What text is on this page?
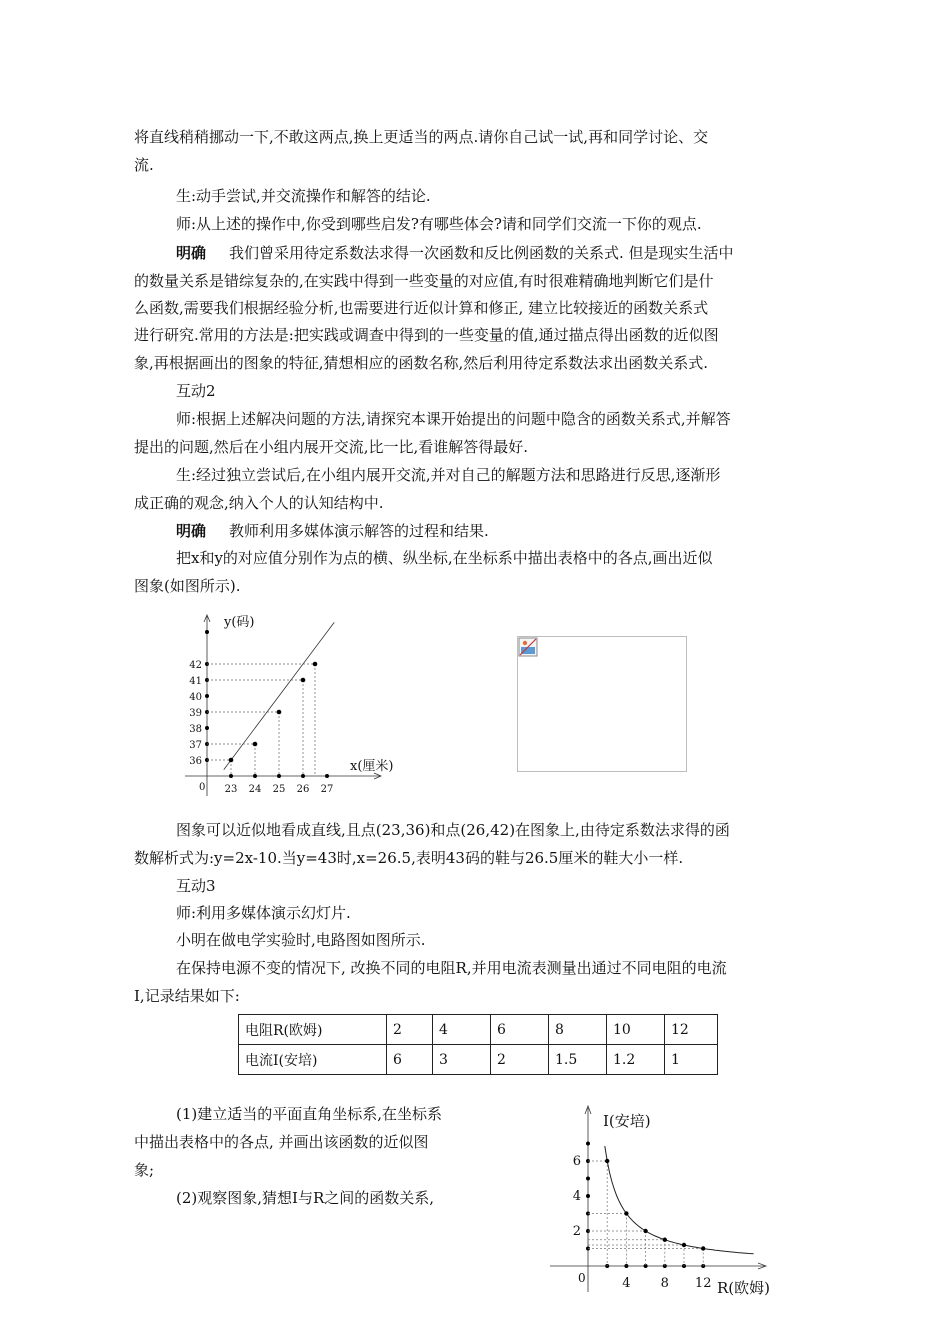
将直线稍稍挪动一下,不敢这两点,换上更适当的两点.请你自己试一试,再和同学讨论、交
流.
生:动手尝试,并交流操作和解答的结论.
师:从上述的操作中,你受到哪些启发?有哪些体会?请和同学们交流一下你的观点.
明确 我们曾采用待定系数法求得一次函数和反比例函数的关系式. 但是现实生活中
的数量关系是错综复杂的,在实践中得到一些变量的对应值,有时很难精确地判断它们是什
么函数,需要我们根据经验分析,也需要进行近似计算和修正, 建立比较接近的函数关系式
进行研究.常用的方法是:把实践或调查中得到的一些变量的值,通过描点得出函数的近似图
象,再根据画出的图象的特征,猜想相应的函数名称,然后利用待定系数法求出函数关系式.
互动2
师:根据上述解决问题的方法,请探究本课开始提出的问题中隐含的函数关系式,并解答
提出的问题,然后在小组内展开交流,比一比,看谁解答得最好.
生:经过独立尝试后,在小组内展开交流,并对自己的解题方法和思路进行反思,逐渐形
成正确的观念,纳入个人的认知结构中.
明确 教师利用多媒体演示解答的过程和结果.
把x和y的对应值分别作为点的横、纵坐标,在坐标系中描出表格中的各点,画出近似
图象(如图所示).
y(码)
x(厘米)
0
36
37
38
39
40
41
42
23 24 25 26 27
图象可以近似地看成直线,且点(23,36)和点(26,42)在图象上,由待定系数法求得的函
数解析式为:y=2x-10.当y=43时,x=26.5,表明43码的鞋与26.5厘米的鞋大小一样.
互动3
师:利用多媒体演示幻灯片.
小明在做电学实验时,电路图如图所示.
在保持电源不变的情况下, 改换不同的电阻R,并用电流表测量出通过不同电阻的电流
I,记录结果如下:
电阻R(欧姆)	2	4	6	8	10	12
电流I(安培)	6	3	2	1.5	1.2	1
(1)建立适当的平面直角坐标系,在坐标系
中描出表格中的各点, 并画出该函数的近似图
象;
(2)观察图象,猜想I与R之间的函数关系,
I(安培)
R(欧姆)
0
2
4
6
4 8 12
